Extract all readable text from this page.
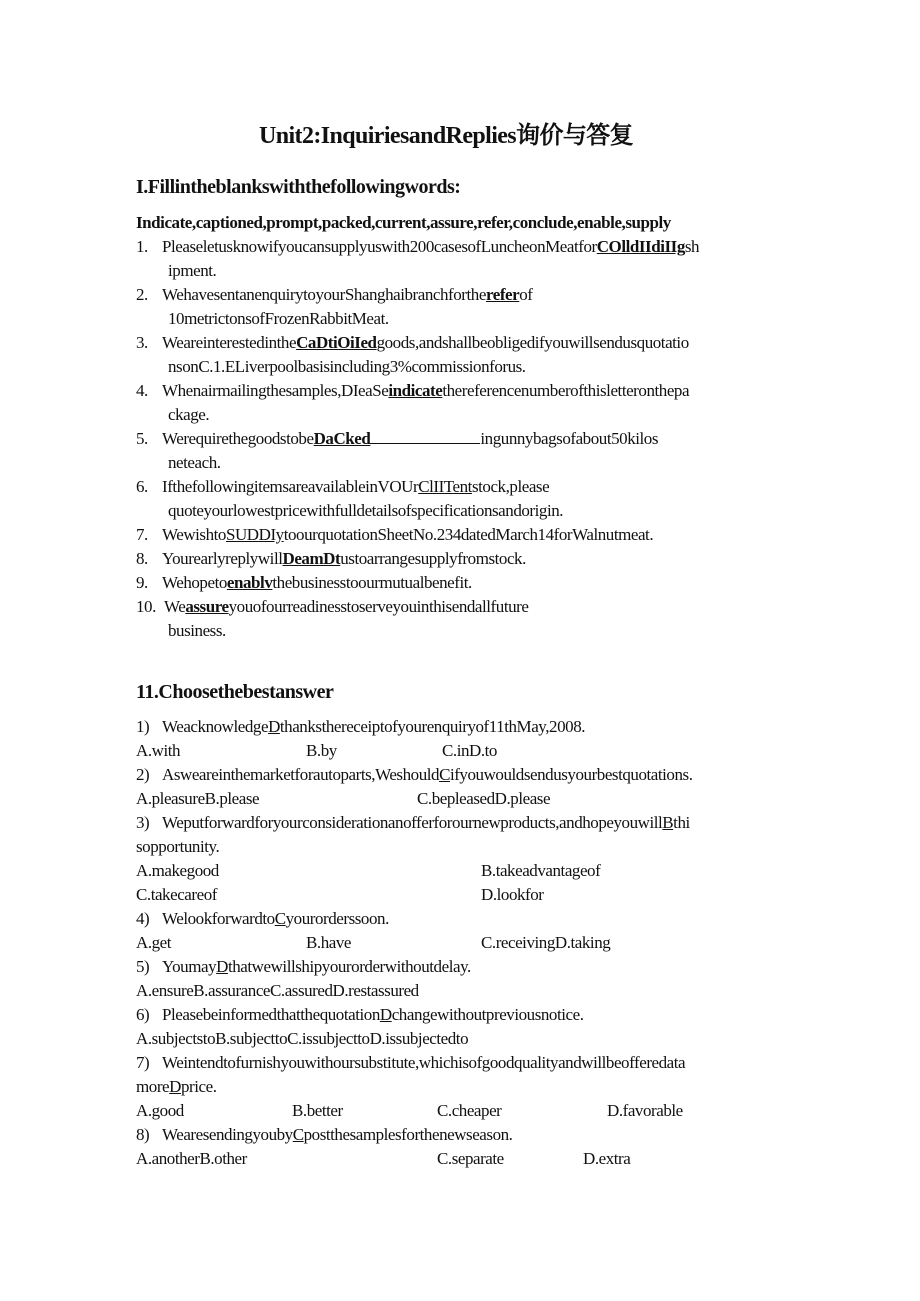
Unit2:InquiriesandReplies询价与答复
I.Fillintheblankswiththefollowingwords:
Indicate,captioned,prompt,packed,current,assure,refer,conclude,enable,supply
1. Pleaseletusknowifyoucansupplyuswith200casesofLuncheonMeatforCOlldIIdiIIgsh
ipment.
2. WehavesentanenquirytoyourShanghaibranchforthereferof
10metrictonsofFrozenRabbitMeat.
3. WeareinterestedintheCaDtiOiIedgoods,andshallbeobligedifyouwillsendusquotatio
nsonC.1.ELiverpoolbasisincluding3%commissionforus.
4. Whenairmailingthesamples,DIeaSeindicatethereferencenumberofthisletteronthepa
ckage.
5. WerequirethegoodstobeDaCked	ingunnybagsofabout50kilos
neteach.
6. IfthefollowingitemsareavailableinVOUrClIITentstock,please
quoteyourlowestpricewithfulldetailsofspecificationsandorigin.
7. WewishtoSUDDIytoourquotationSheetNo.234datedMarch14forWalnutmeat.
8. YourearlyreplywillDeamDtustoarrangesupplyfromstock.
9. Wehopetoenablvthebusinesstoourmutualbenefit.
10. Weassureyouofourreadinesstoserveyouinthisendallfuture
business.
11.Choosethebestanswer
1) WeacknowledgeDthanksthereceiptofyourenquiryof11thMay,2008.
A.with	B.by	C.inD.to
2) Asweareinthemarketforautoparts,WeshouldCifyouwouldsendusyourbestquotations.
A.pleasureB.please	C.bepleasedD.please
3) Weputforwardforyourconsiderationanofferforournewproducts,andhopeyouwillBthi
sopportunity.
A.makegood	B.takeadvantageof
C.takecareof	D.lookfor
4) WelookforwardtoCyourorderssoon.
A.get	B.have	C.receivingD.taking
5) YoumayDthatwewillshipyourorderwithoutdelay.
A.ensureB.assuranceC.assuredD.restassured
6) PleasebeinformedthatthequotationDchangewithoutpreviousnotice.
A.subjectstoB.subjecttoC.issubjecttoD.issubjectedto
7) Weintendtofurnishyouwithoursubstitute,whichisofgoodqualityandwillbeofferedata
moreDprice.
A.good	B.better	C.cheaper	D.favorable
8) WearesendingyoubyCpostthesamplesforthenewseason.
A.anotherB.other	C.separate	D.extra
